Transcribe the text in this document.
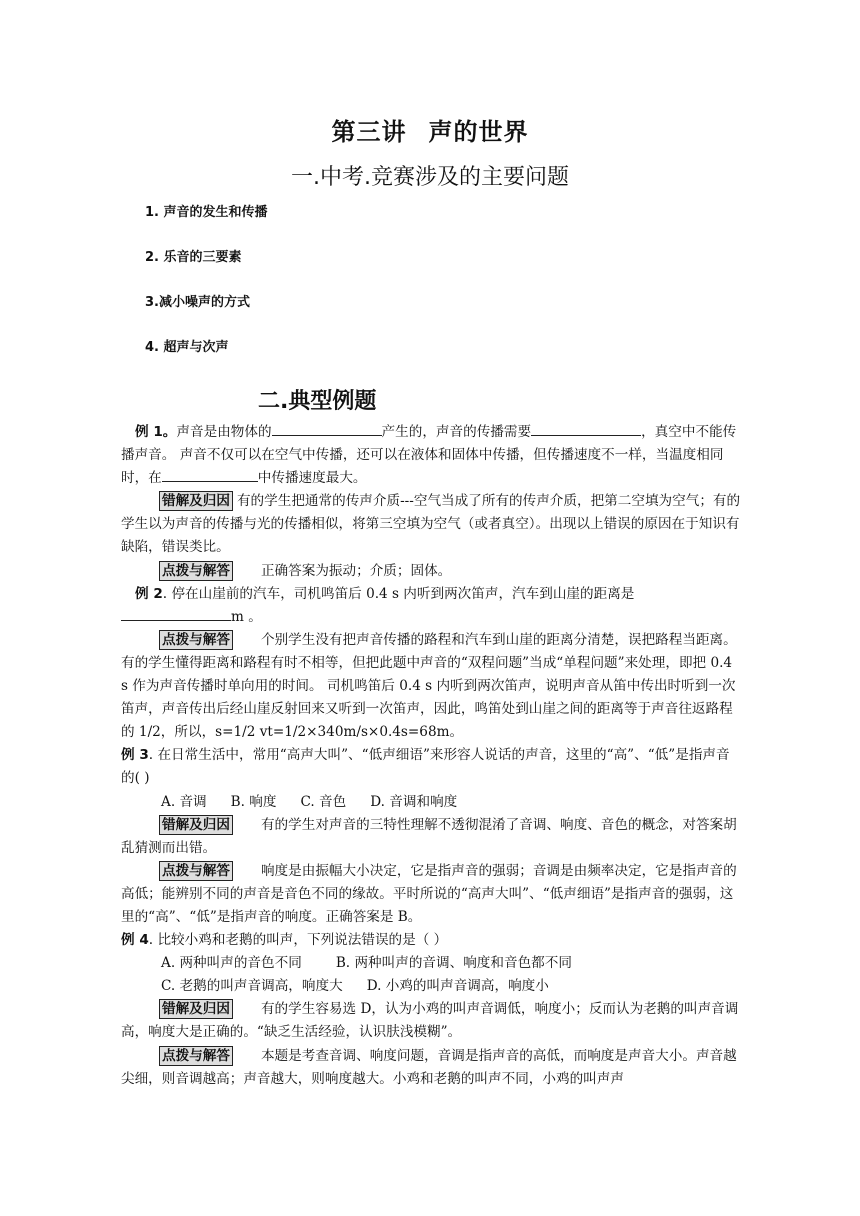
第三讲 声的世界
一.中考.竞赛涉及的主要问题
1. 声音的发生和传播
2. 乐音的三要素
3.减小噪声的方式
4. 超声与次声
二.典型例题

例 1。声音是由物体的	产生的，声音的传播需要	，真空中不能传播声音。 声音不仅可以在空气中传播，还可以在液体和固体中传播，但传播速度不一样，当温度相同时，在	中传播速度最大。

错解及归因 有的学生把通常的传声介质---空气当成了所有的传声介质，把第二空填为空气；有的学生以为声音的传播与光的传播相似，将第三空填为空气（或者真空）。出现以上错误的原因在于知识有缺陷，错误类比。

点拨与解答 正确答案为振动；介质；固体。

例 2. 停在山崖前的汽车，司机鸣笛后 0.4 s 内听到两次笛声，汽车到山崖的距离是
m 。

点拨与解答 个别学生没有把声音传播的路程和汽车到山崖的距离分清楚，误把路程当距离。有的学生懂得距离和路程有时不相等，但把此题中声音的“双程问题”当成“单程问题”来处理，即把 0.4 s 作为声音传播时单向用的时间。 司机鸣笛后 0.4 s 内听到两次笛声，说明声音从笛中传出时听到一次笛声，声音传出后经山崖反射回来又听到一次笛声，因此，鸣笛处到山崖之间的距离等于声音往返路程的 1/2，所以，s=1/2 vt=1/2×340m/s×0.4s=68m。

例 3. 在日常生活中，常用“高声大叫”、“低声细语”来形容人说话的声音，这里的“高”、“低”是指声音的( )

A. 音调 B. 响度 C. 音色 D. 音调和响度

错解及归因 有的学生对声音的三特性理解不透彻混淆了音调、响度、音色的概念，对答案胡乱猜测而出错。

点拨与解答 响度是由振幅大小决定，它是指声音的强弱；音调是由频率决定，它是指声音的高低；能辨别不同的声音是音色不同的缘故。平时所说的“高声大叫”、“低声细语”是指声音的强弱，这里的“高”、“低”是指声音的响度。正确答案是 B。

例 4. 比较小鸡和老鹅的叫声，下列说法错误的是（ ）

A. 两种叫声的音色不同	B. 两种叫声的音调、响度和音色都不同

C. 老鹅的叫声音调高，响度大 D. 小鸡的叫声音调高，响度小

错解及归因 有的学生容易选 D，认为小鸡的叫声音调低，响度小；反而认为老鹅的叫声音调高，响度大是正确的。“缺乏生活经验，认识肤浅模糊”。

点拨与解答 本题是考查音调、响度问题，音调是指声音的高低，而响度是声音大小。声音越尖细，则音调越高；声音越大，则响度越大。小鸡和老鹅的叫声不同，小鸡的叫声声
